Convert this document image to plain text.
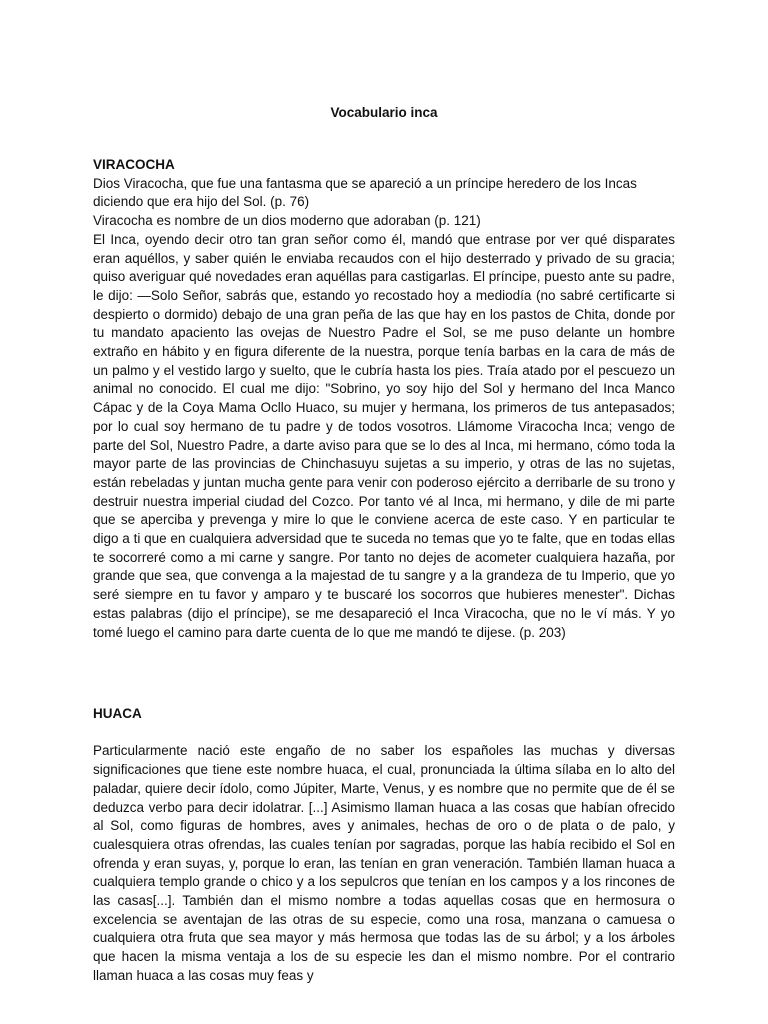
Vocabulario inca

VIRACOCHA

Dios Viracocha, que fue una fantasma que se apareció a un príncipe heredero de los Incas diciendo que era hijo del Sol. (p. 76)

Viracocha es nombre de un dios moderno que adoraban (p. 121)

El Inca, oyendo decir otro tan gran señor como él, mandó que entrase por ver qué disparates eran aquéllos, y saber quién le enviaba recaudos con el hijo desterrado y privado de su gracia; quiso averiguar qué novedades eran aquéllas para castigarlas. El príncipe, puesto ante su padre, le dijo: —Solo Señor, sabrás que, estando yo recostado hoy a mediodía (no sabré certificarte si despierto o dormido) debajo de una gran peña de las que hay en los pastos de Chita, donde por tu mandato apaciento las ovejas de Nuestro Padre el Sol, se me puso delante un hombre extraño en hábito y en figura diferente de la nuestra, porque tenía barbas en la cara de más de un palmo y el vestido largo y suelto, que le cubría hasta los pies. Traía atado por el pescuezo un animal no conocido. El cual me dijo: "Sobrino, yo soy hijo del Sol y hermano del Inca Manco Cápac y de la Coya Mama Ocllo Huaco, su mujer y hermana, los primeros de tus antepasados; por lo cual soy hermano de tu padre y de todos vosotros. Llámome Viracocha Inca; vengo de parte del Sol, Nuestro Padre, a darte aviso para que se lo des al Inca, mi hermano, cómo toda la mayor parte de las provincias de Chinchasuyu sujetas a su imperio, y otras de las no sujetas, están rebeladas y juntan mucha gente para venir con poderoso ejército a derribarle de su trono y destruir nuestra imperial ciudad del Cozco. Por tanto vé al Inca, mi hermano, y dile de mi parte que se aperciba y prevenga y mire lo que le conviene acerca de este caso. Y en particular te digo a ti que en cualquiera adversidad que te suceda no temas que yo te falte, que en todas ellas te socorreré como a mi carne y sangre. Por tanto no dejes de acometer cualquiera hazaña, por grande que sea, que convenga a la majestad de tu sangre y a la grandeza de tu Imperio, que yo seré siempre en tu favor y amparo y te buscaré los socorros que hubieres menester". Dichas estas palabras (dijo el príncipe), se me desapareció el Inca Viracocha, que no le ví más. Y yo tomé luego el camino para darte cuenta de lo que me mandó te dijese. (p. 203)

HUACA

Particularmente nació este engaño de no saber los españoles las muchas y diversas significaciones que tiene este nombre huaca, el cual, pronunciada la última sílaba en lo alto del paladar, quiere decir ídolo, como Júpiter, Marte, Venus, y es nombre que no permite que de él se deduzca verbo para decir idolatrar. [...] Asimismo llaman huaca a las cosas que habían ofrecido al Sol, como figuras de hombres, aves y animales, hechas de oro o de plata o de palo, y cualesquiera otras ofrendas, las cuales tenían por sagradas, porque las había recibido el Sol en ofrenda y eran suyas, y, porque lo eran, las tenían en gran veneración. También llaman huaca a cualquiera templo grande o chico y a los sepulcros que tenían en los campos y a los rincones de las casas[...]. También dan el mismo nombre a todas aquellas cosas que en hermosura o excelencia se aventajan de las otras de su especie, como una rosa, manzana o camuesa o cualquiera otra fruta que sea mayor y más hermosa que todas las de su árbol; y a los árboles que hacen la misma ventaja a los de su especie les dan el mismo nombre. Por el contrario llaman huaca a las cosas muy feas y
